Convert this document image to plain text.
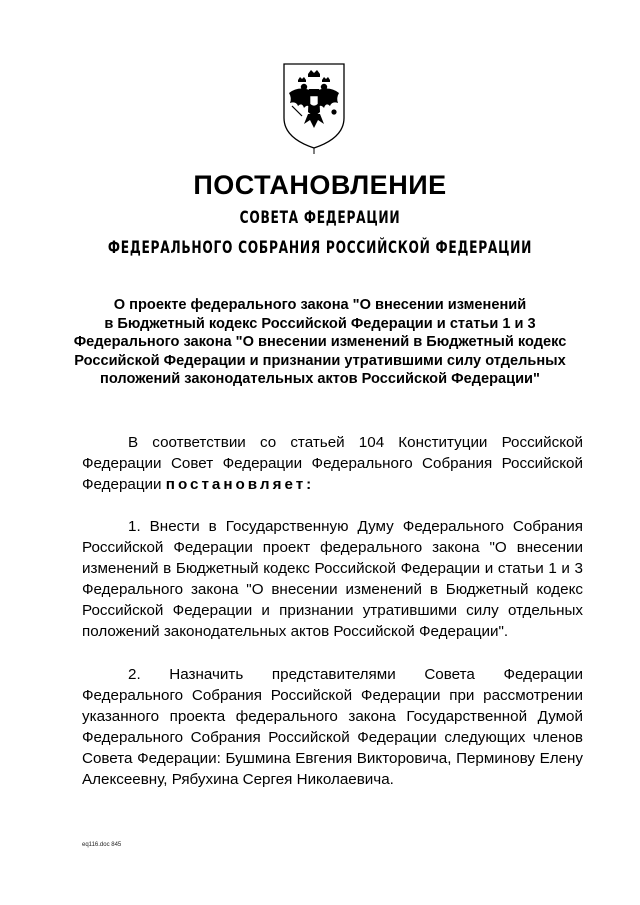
ПОСТАНОВЛЕНИЕ
СОВЕТА ФЕДЕРАЦИИ
ФЕДЕРАЛЬНОГО СОБРАНИЯ РОССИЙСКОЙ ФЕДЕРАЦИИ
О проекте федерального закона "О внесении изменений
в Бюджетный кодекс Российской Федерации и статьи 1 и 3
Федерального закона "О внесении изменений в Бюджетный кодекс
Российской Федерации и признании утратившими силу отдельных
положений законодательных актов Российской Федерации"

В соответствии со статьей 104 Конституции Российской Федерации Совет Федерации Федерального Собрания Российской Федерации постановляет:

1. Внести в Государственную Думу Федерального Собрания Российской Федерации проект федерального закона "О внесении изменений в Бюджетный кодекс Российской Федерации и статьи 1 и 3 Федерального закона "О внесении изменений в Бюджетный кодекс Российской Федерации и признании утратившими силу отдельных положений законодательных актов Российской Федерации".

2. Назначить представителями Совета Федерации Федерального Собрания Российской Федерации при рассмотрении указанного проекта федерального закона Государственной Думой Федерального Собрания Российской Федерации следующих членов Совета Федерации: Бушмина Евгения Викторовича, Перминову Елену Алексеевну, Рябухина Сергея Николаевича.

eq116.doc 845
